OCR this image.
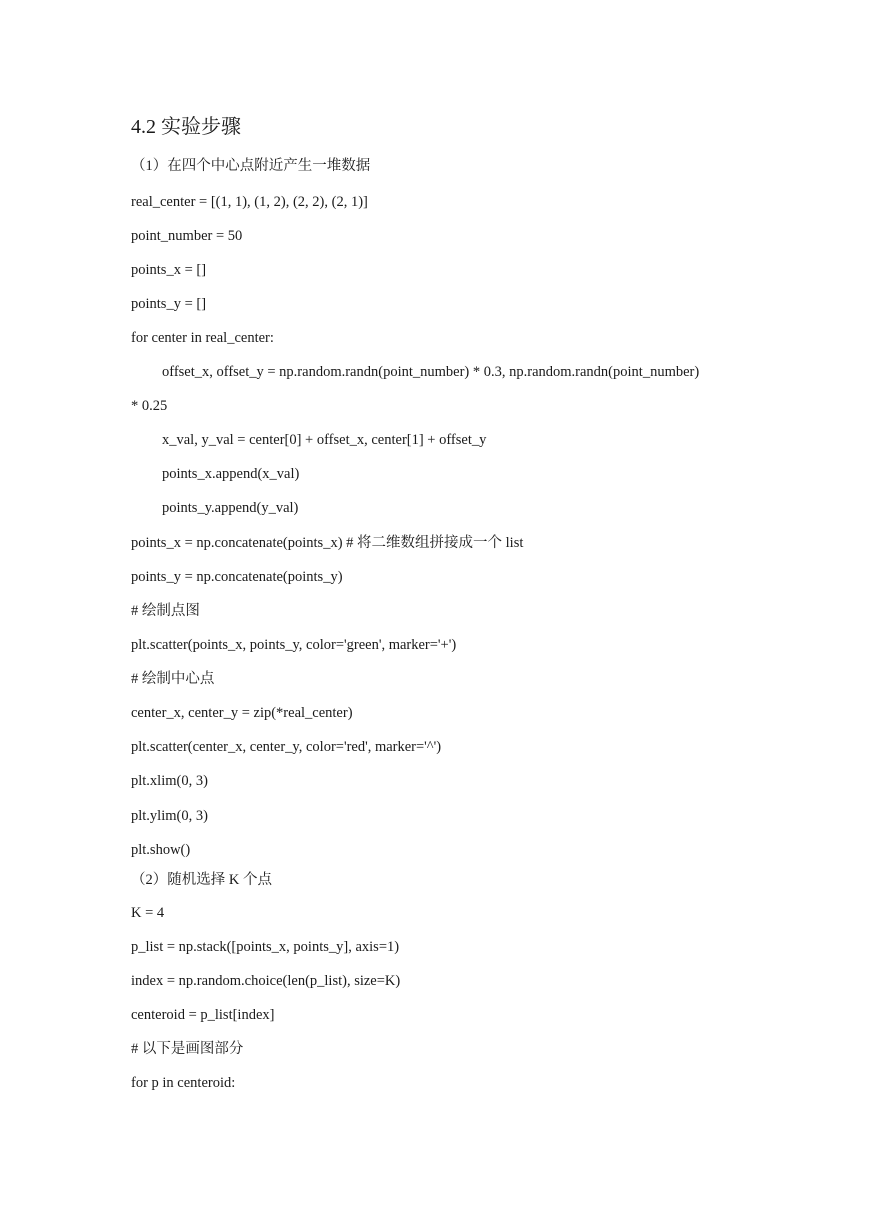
4.2 实验步骤
（1）在四个中心点附近产生一堆数据
real_center = [(1, 1), (1, 2), (2, 2), (2, 1)]
point_number = 50
points_x = []
points_y = []
for center in real_center:
offset_x, offset_y = np.random.randn(point_number) * 0.3, np.random.randn(point_number)
* 0.25
x_val, y_val = center[0] + offset_x, center[1] + offset_y
points_x.append(x_val)
points_y.append(y_val)
points_x = np.concatenate(points_x) # 将二维数组拼接成一个 list
points_y = np.concatenate(points_y)
# 绘制点图
plt.scatter(points_x, points_y, color='green', marker='+')
# 绘制中心点
center_x, center_y = zip(*real_center)
plt.scatter(center_x, center_y, color='red', marker='^')
plt.xlim(0, 3)
plt.ylim(0, 3)
plt.show()
（2）随机选择 K 个点
K = 4
p_list = np.stack([points_x, points_y], axis=1)
index = np.random.choice(len(p_list), size=K)
centeroid = p_list[index]
# 以下是画图部分
for p in centeroid:
